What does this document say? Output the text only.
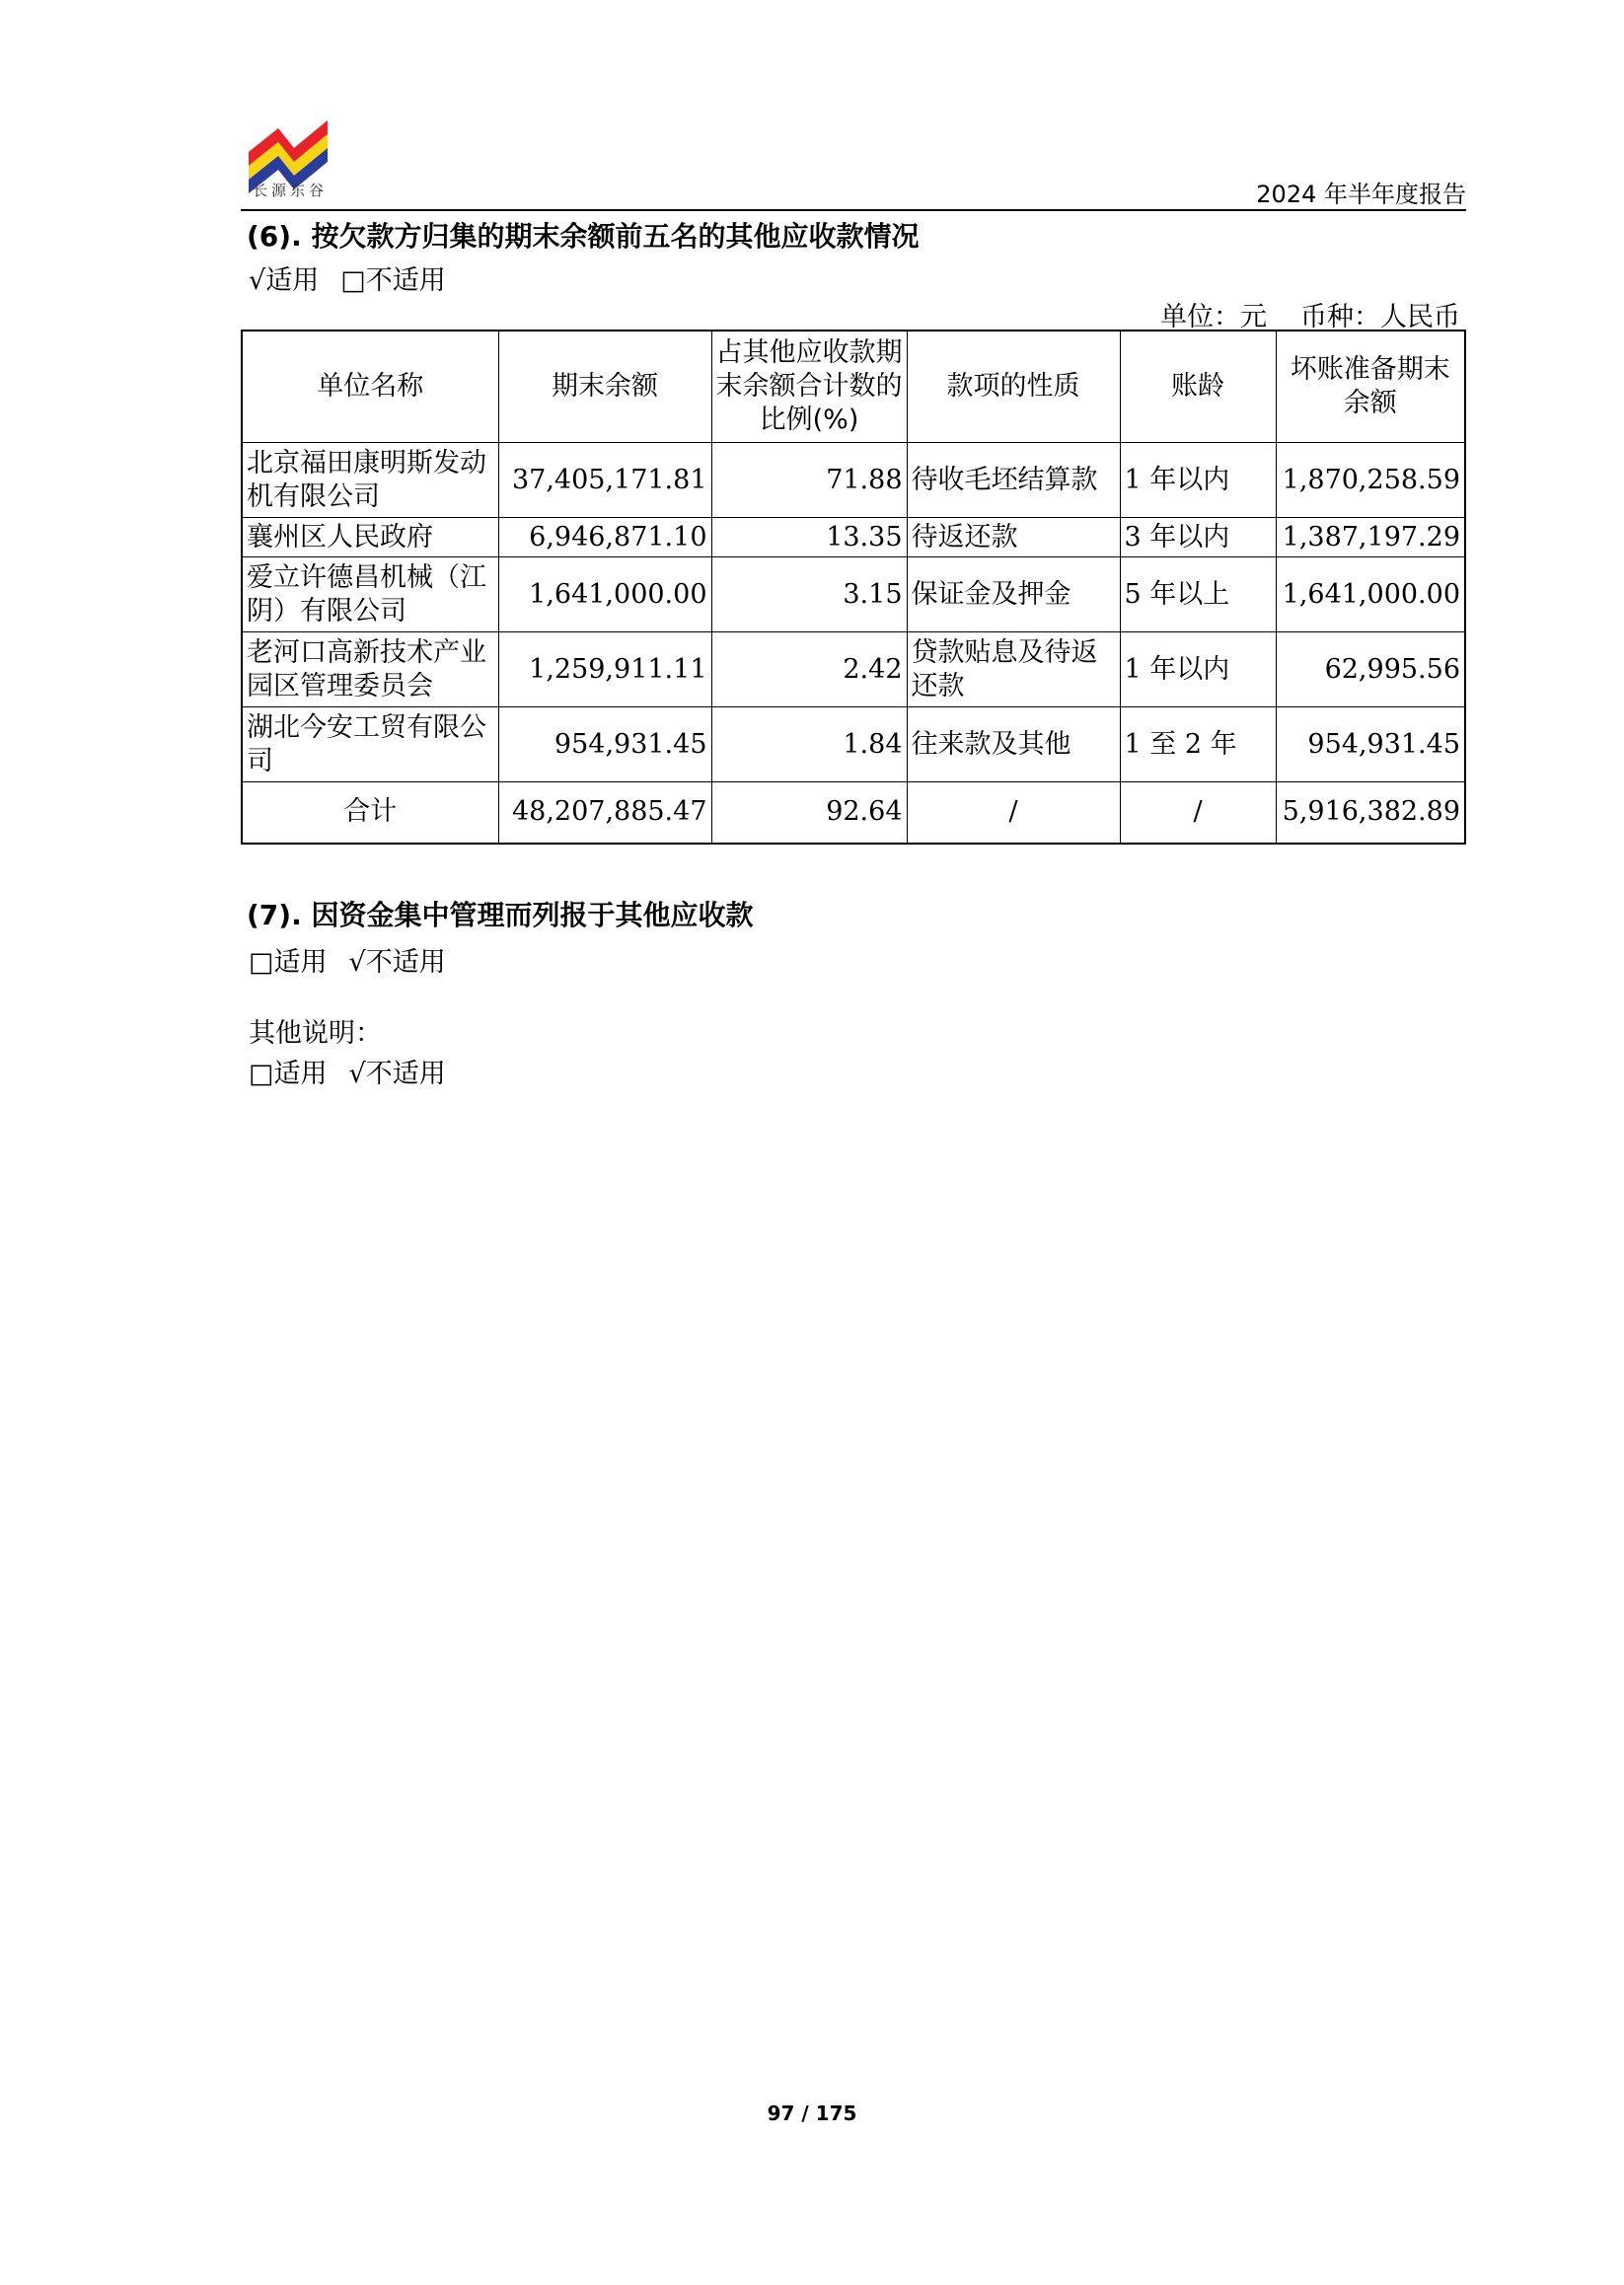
长源东谷	2024 年半年度报告
(6). 按欠款方归集的期末余额前五名的其他应收款情况
√适用 □不适用
单位：元 币种：人民币
单位名称	期末余额	占其他应收款期末余额合计数的比例(%)	款项的性质	账龄	坏账准备期末余额
北京福田康明斯发动机有限公司	37,405,171.81	71.88	待收毛坯结算款	1 年以内	1,870,258.59
襄州区人民政府	6,946,871.10	13.35	待返还款	3 年以内	1,387,197.29
爱立许德昌机械（江阴）有限公司	1,641,000.00	3.15	保证金及押金	5 年以上	1,641,000.00
老河口高新技术产业园区管理委员会	1,259,911.11	2.42	贷款贴息及待返还款	1 年以内	62,995.56
湖北今安工贸有限公司	954,931.45	1.84	往来款及其他	1 至 2 年	954,931.45
合计	48,207,885.47	92.64	/	/	5,916,382.89
(7). 因资金集中管理而列报于其他应收款
□适用 √不适用
其他说明：
□适用 √不适用
97 / 175
